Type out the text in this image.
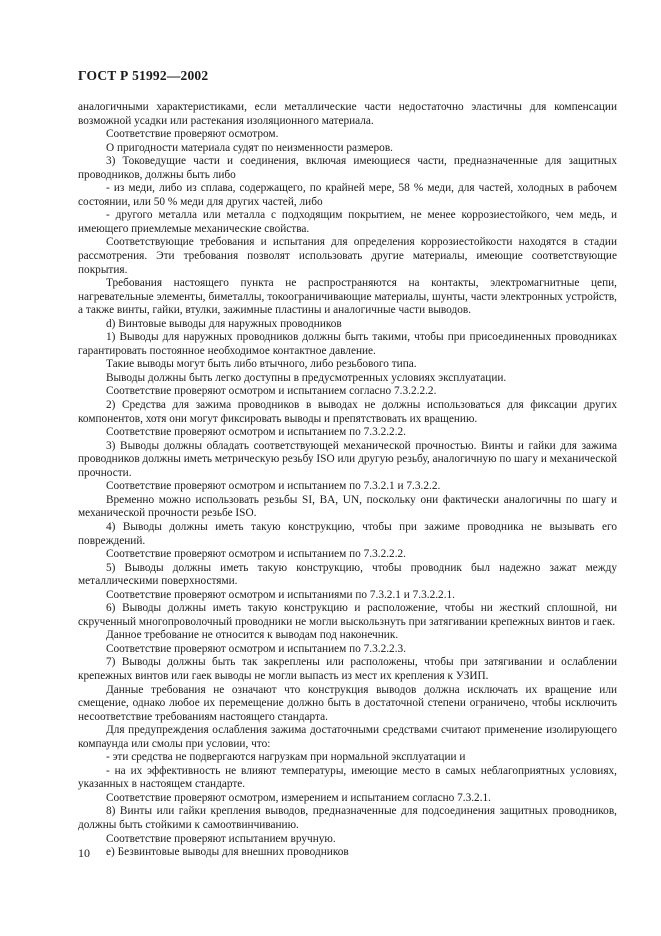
ГОСТ Р 51992—2002

аналогичными характеристиками, если металлические части недостаточно эластичны для компенсации возможной усадки или растекания изоляционного материала.

Соответствие проверяют осмотром.

О пригодности материала судят по неизменности размеров.

3) Токоведущие части и соединения, включая имеющиеся части, предназначенные для защитных проводников, должны быть либо

- из меди, либо из сплава, содержащего, по крайней мере, 58 % меди, для частей, холодных в рабочем состоянии, или 50 % меди для других частей, либо

- другого металла или металла с подходящим покрытием, не менее коррозиестойкого, чем медь, и имеющего приемлемые механические свойства.

Соответствующие требования и испытания для определения коррозиестойкости находятся в стадии рассмотрения. Эти требования позволят использовать другие материалы, имеющие соответствующие покрытия.

Требования настоящего пункта не распространяются на контакты, электромагнитные цепи, нагревательные элементы, биметаллы, токоограничивающие материалы, шунты, части электронных устройств, а также винты, гайки, втулки, зажимные пластины и аналогичные части выводов.

d) Винтовые выводы для наружных проводников

1) Выводы для наружных проводников должны быть такими, чтобы при присоединенных проводниках гарантировать постоянное необходимое контактное давление.

Такие выводы могут быть либо втычного, либо резьбового типа.

Выводы должны быть легко доступны в предусмотренных условиях эксплуатации.

Соответствие проверяют осмотром и испытанием согласно 7.3.2.2.2.

2) Средства для зажима проводников в выводах не должны использоваться для фиксации других компонентов, хотя они могут фиксировать выводы и препятствовать их вращению.

Соответствие проверяют осмотром и испытанием по 7.3.2.2.2.

3) Выводы должны обладать соответствующей механической прочностью. Винты и гайки для зажима проводников должны иметь метрическую резьбу ISO или другую резьбу, аналогичную по шагу и механической прочности.

Соответствие проверяют осмотром и испытанием по 7.3.2.1 и 7.3.2.2.

Временно можно использовать резьбы SI, BA, UN, поскольку они фактически аналогичны по шагу и механической прочности резьбе ISO.

4) Выводы должны иметь такую конструкцию, чтобы при зажиме проводника не вызывать его повреждений.

Соответствие проверяют осмотром и испытанием по 7.3.2.2.2.

5) Выводы должны иметь такую конструкцию, чтобы проводник был надежно зажат между металлическими поверхностями.

Соответствие проверяют осмотром и испытаниями по 7.3.2.1 и 7.3.2.2.1.

6) Выводы должны иметь такую конструкцию и расположение, чтобы ни жесткий сплошной, ни скрученный многопроволочный проводники не могли выскользнуть при затягивании крепежных винтов и гаек.

Данное требование не относится к выводам под наконечник.

Соответствие проверяют осмотром и испытанием по 7.3.2.2.3.

7) Выводы должны быть так закреплены или расположены, чтобы при затягивании и ослаблении крепежных винтов или гаек выводы не могли выпасть из мест их крепления к УЗИП.

Данные требования не означают что конструкция выводов должна исключать их вращение или смещение, однако любое их перемещение должно быть в достаточной степени ограничено, чтобы исключить несоответствие требованиям настоящего стандарта.

Для предупреждения ослабления зажима достаточными средствами считают применение изолирующего компаунда или смолы при условии, что:

- эти средства не подвергаются нагрузкам при нормальной эксплуатации и

- на их эффективность не влияют температуры, имеющие место в самых неблагоприятных условиях, указанных в настоящем стандарте.

Соответствие проверяют осмотром, измерением и испытанием согласно 7.3.2.1.

8) Винты или гайки крепления выводов, предназначенные для подсоединения защитных проводников, должны быть стойкими к самоотвинчиванию.

Соответствие проверяют испытанием вручную.

e) Безвинтовые выводы для внешних проводников

10
